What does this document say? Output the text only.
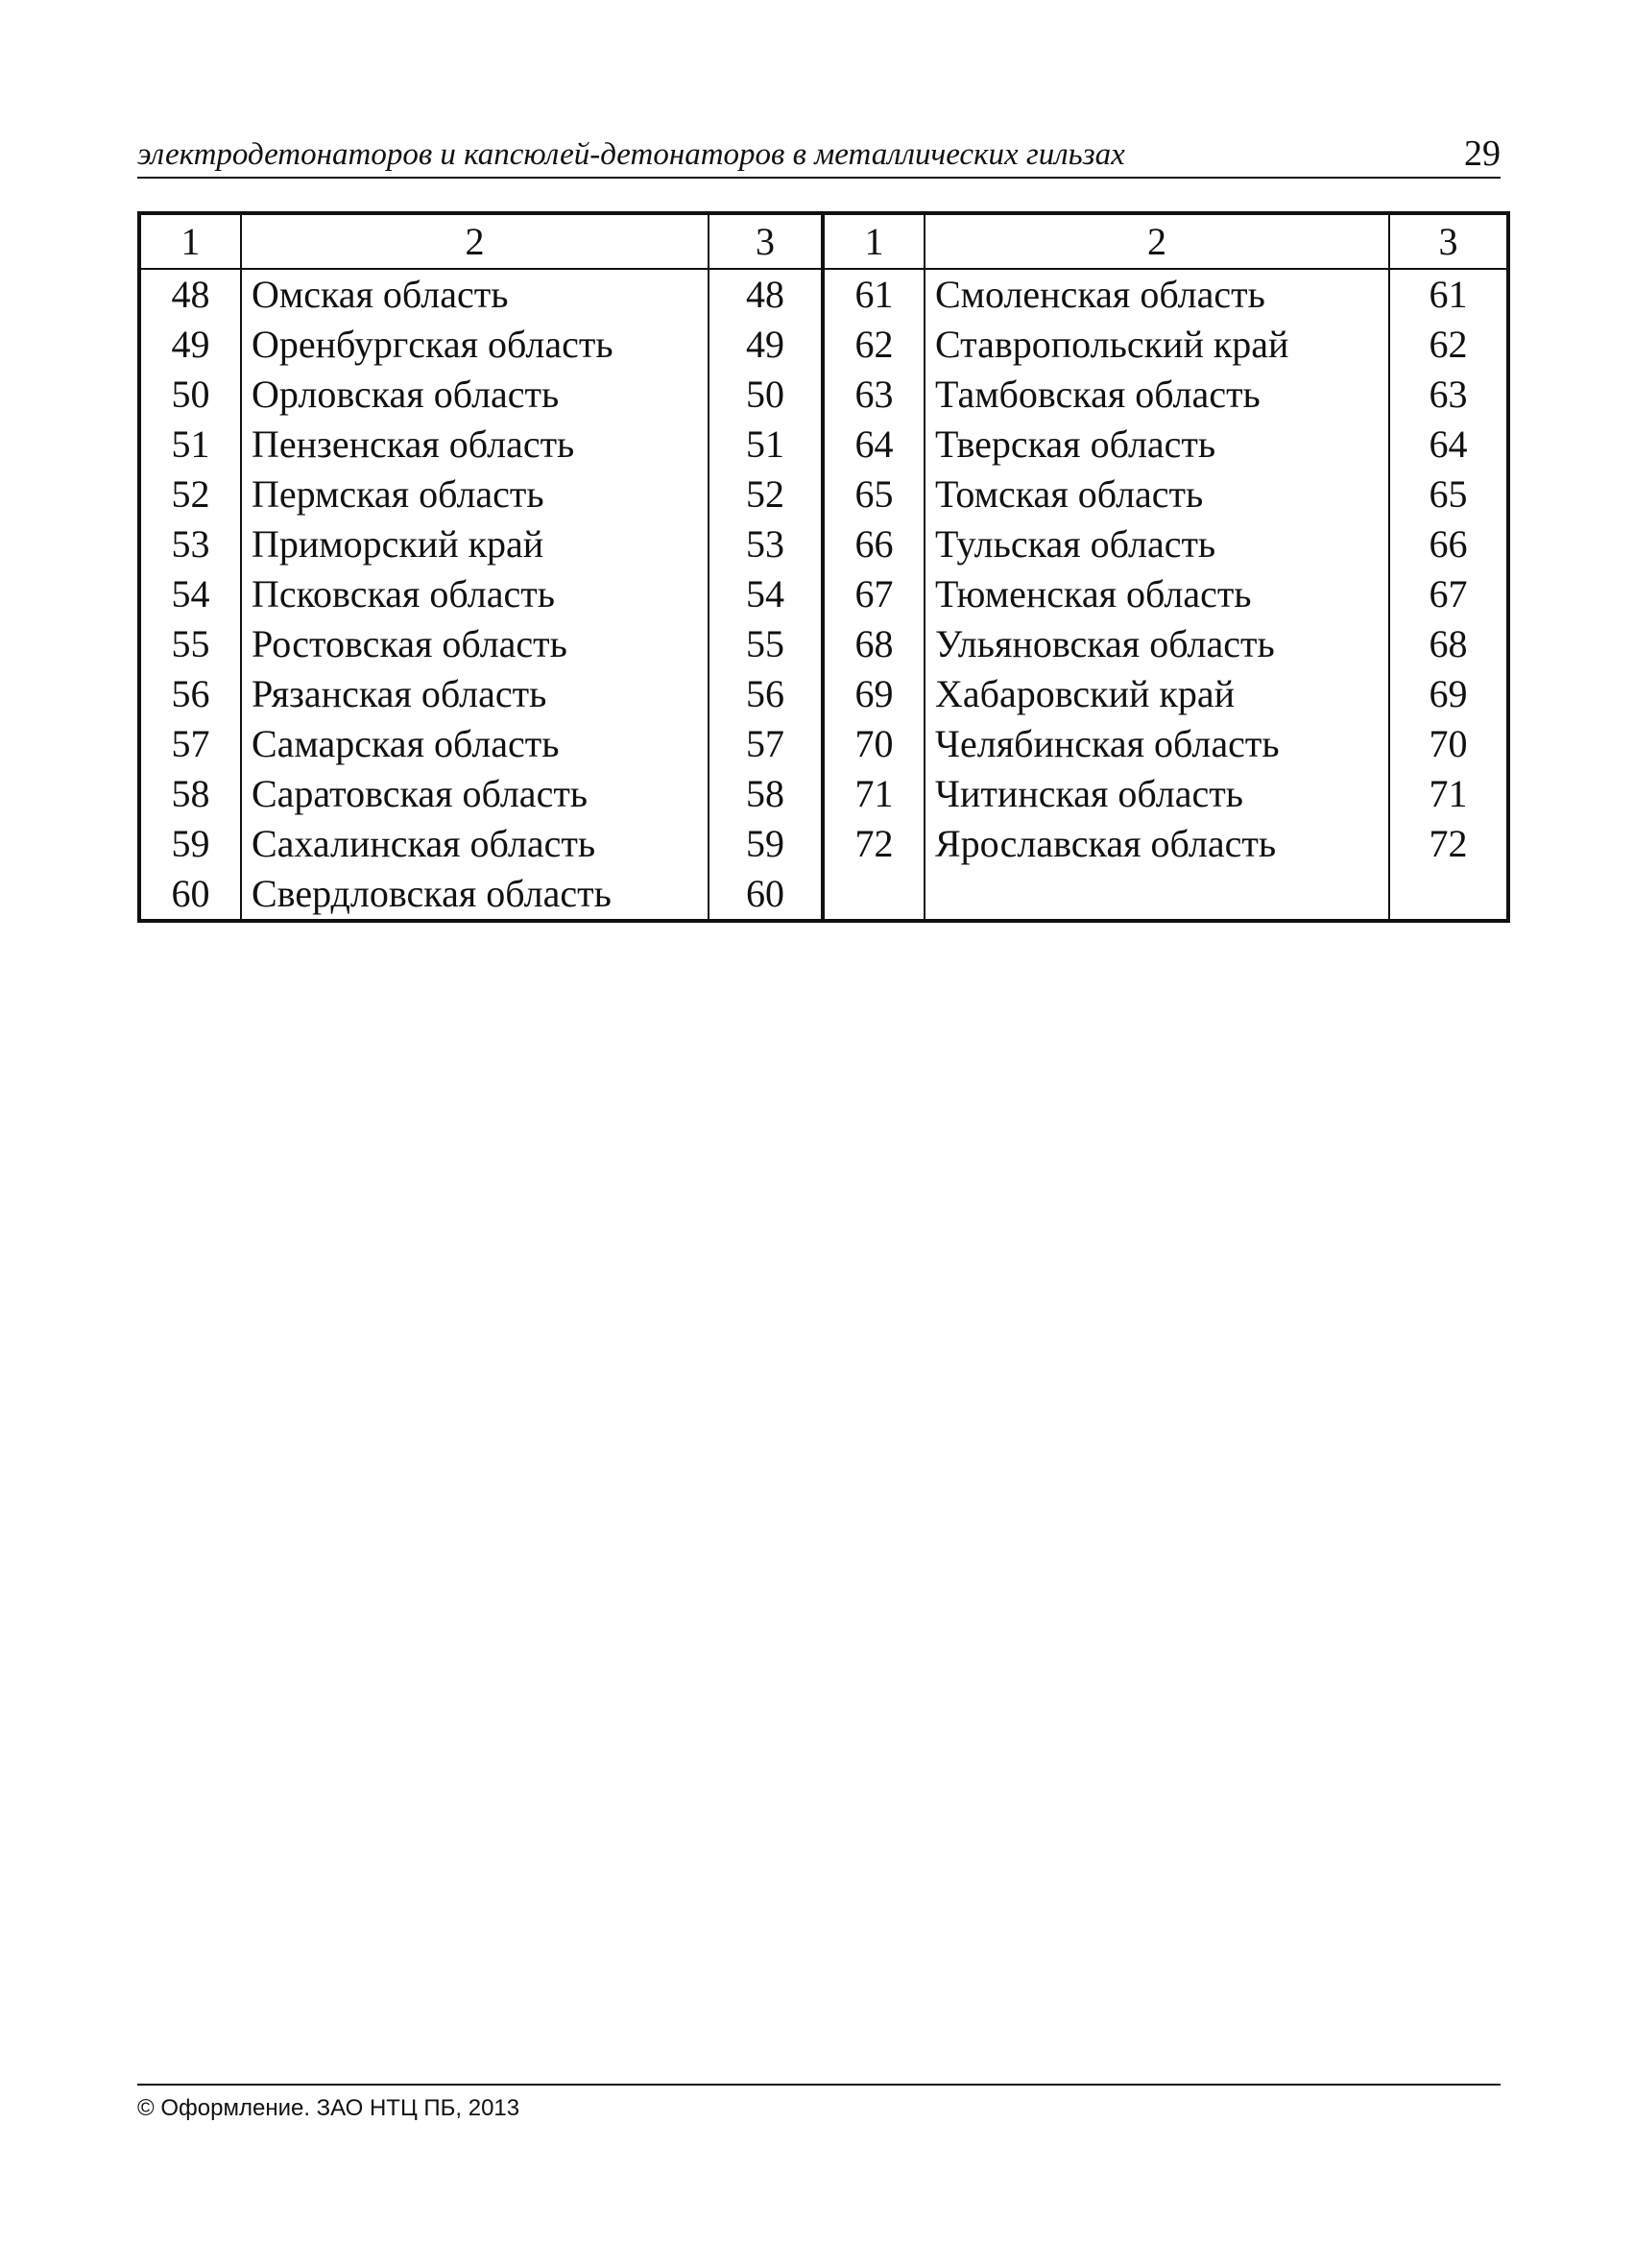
электродетонаторов и капсюлей-детонаторов в металлических гильзах	29
1	2	3	1	2	3
48	Омская область	48	61	Смоленская область	61
49	Оренбургская область	49	62	Ставропольский край	62
50	Орловская область	50	63	Тамбовская область	63
51	Пензенская область	51	64	Тверская область	64
52	Пермская область	52	65	Томская область	65
53	Приморский край	53	66	Тульская область	66
54	Псковская область	54	67	Тюменская область	67
55	Ростовская область	55	68	Ульяновская область	68
56	Рязанская область	56	69	Хабаровский край	69
57	Самарская область	57	70	Челябинская область	70
58	Саратовская область	58	71	Читинская область	71
59	Сахалинская область	59	72	Ярославская область	72
60	Свердловская область	60			
© Оформление. ЗАО НТЦ ПБ, 2013
